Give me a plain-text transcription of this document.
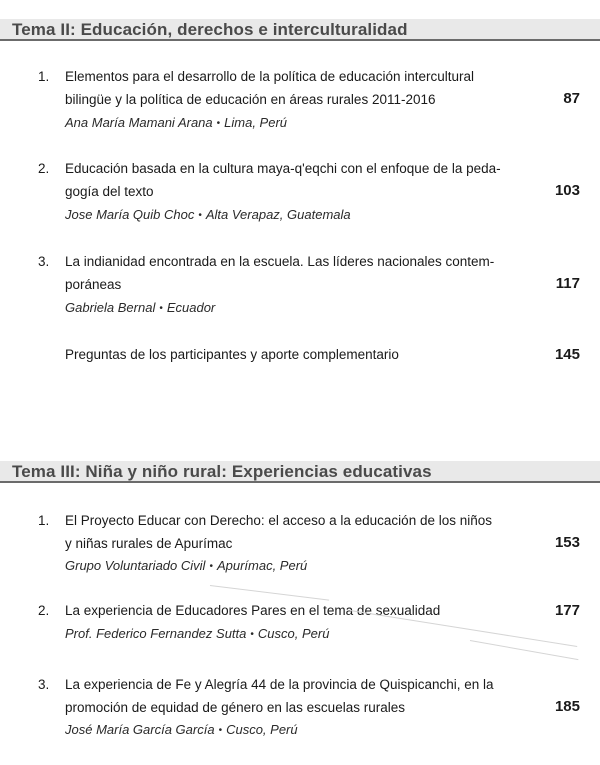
Tema II: Educación, derechos e interculturalidad
1. Elementos para el desarrollo de la política de educación intercultural
bilingüe y la política de educación en áreas rurales 2011-2016	87
Ana María Mamani Arana • Lima, Perú
2. Educación basada en la cultura maya-q'eqchi con el enfoque de la peda-
gogía del texto	103
Jose María Quib Choc • Alta Verapaz, Guatemala
3. La indianidad encontrada en la escuela. Las líderes nacionales contem-
poráneas	117
Gabriela Bernal • Ecuador
Preguntas de los participantes y aporte complementario	145
Tema III: Niña y niño rural: Experiencias educativas
1. El Proyecto Educar con Derecho: el acceso a la educación de los niños
y niñas rurales de Apurímac	153
Grupo Voluntariado Civil • Apurímac, Perú
2. La experiencia de Educadores Pares en el tema de sexualidad	177
Prof. Federico Fernandez Sutta • Cusco, Perú
3. La experiencia de Fe y Alegría 44 de la provincia de Quispicanchi, en la
promoción de equidad de género en las escuelas rurales	185
José María García García • Cusco, Perú
